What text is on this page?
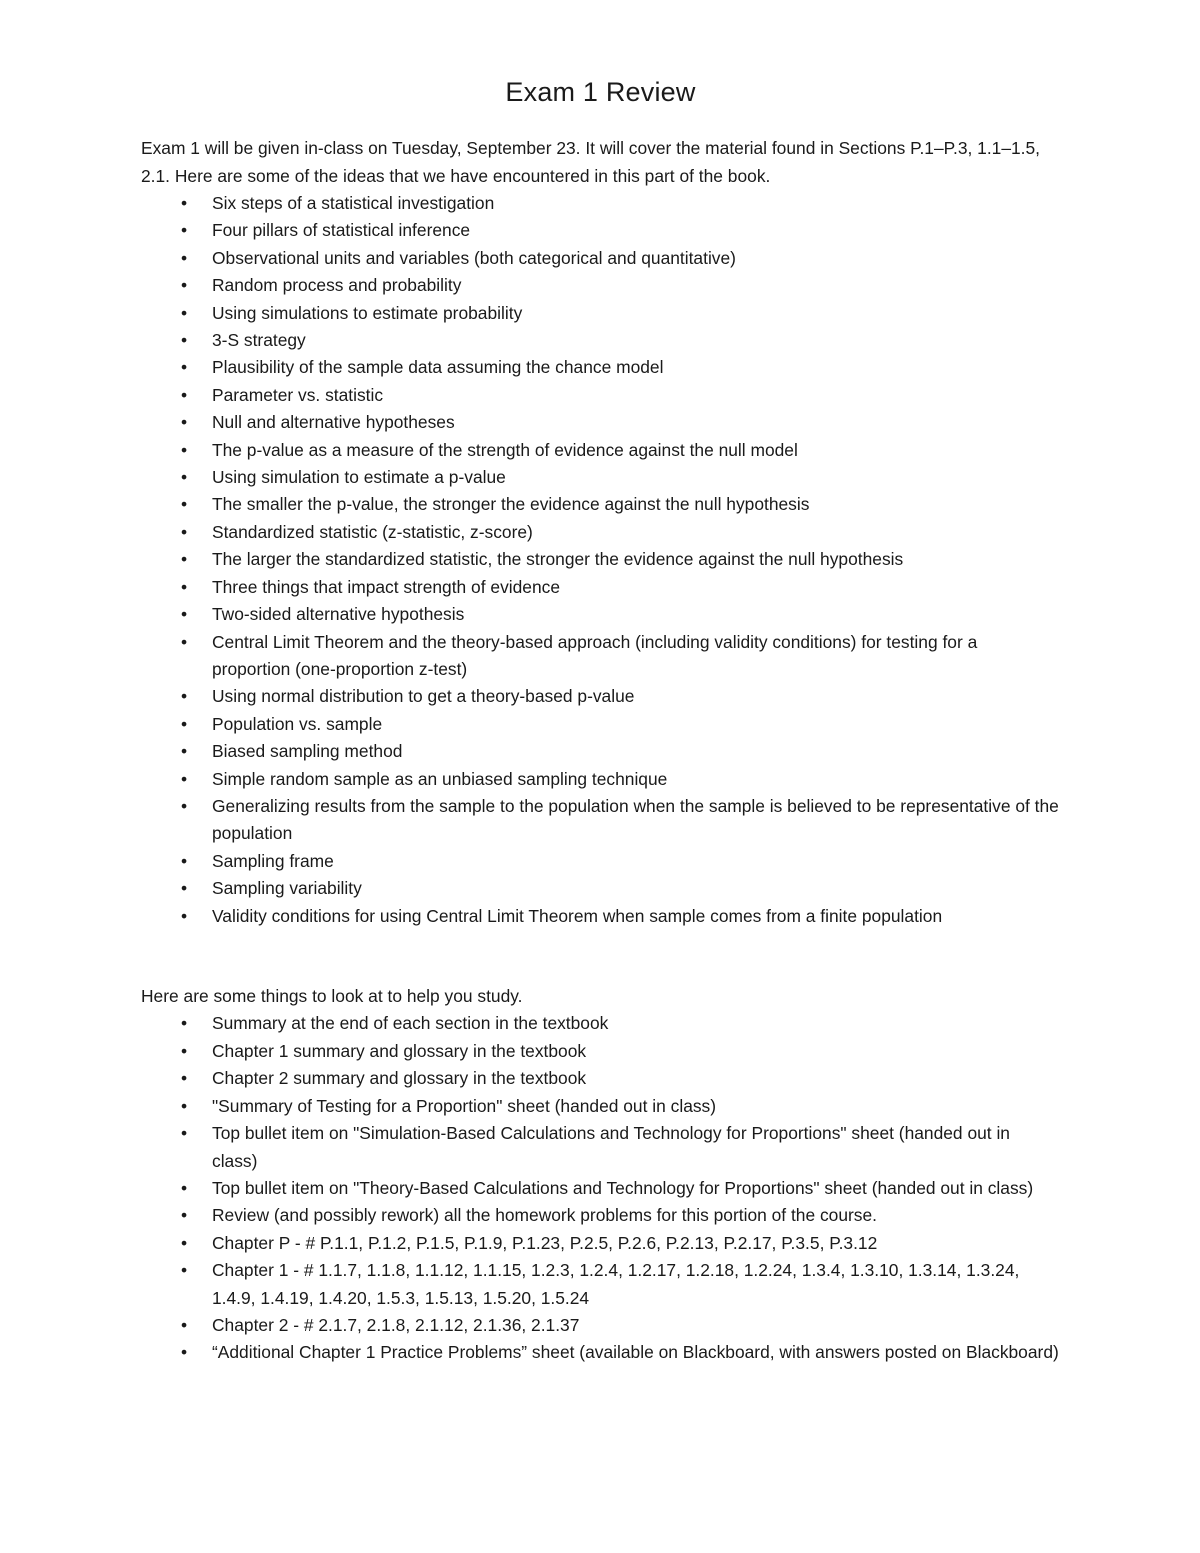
Exam 1 Review

Exam 1 will be given in-class on Tuesday, September 23. It will cover the material found in Sections P.1–P.3, 1.1–1.5, 2.1. Here are some of the ideas that we have encountered in this part of the book.

•	Six steps of a statistical investigation
•	Four pillars of statistical inference
•	Observational units and variables (both categorical and quantitative)
•	Random process and probability
•	Using simulations to estimate probability
•	3-S strategy
•	Plausibility of the sample data assuming the chance model
•	Parameter vs. statistic
•	Null and alternative hypotheses
•	The p-value as a measure of the strength of evidence against the null model
•	Using simulation to estimate a p-value
•	The smaller the p-value, the stronger the evidence against the null hypothesis
•	Standardized statistic (z-statistic, z-score)
•	The larger the standardized statistic, the stronger the evidence against the null hypothesis
•	Three things that impact strength of evidence
•	Two-sided alternative hypothesis
•	Central Limit Theorem and the theory-based approach (including validity conditions) for testing for a proportion (one-proportion z-test)
•	Using normal distribution to get a theory-based p-value
•	Population vs. sample
•	Biased sampling method
•	Simple random sample as an unbiased sampling technique
•	Generalizing results from the sample to the population when the sample is believed to be representative of the population
•	Sampling frame
•	Sampling variability
•	Validity conditions for using Central Limit Theorem when sample comes from a finite population

Here are some things to look at to help you study.

•	Summary at the end of each section in the textbook
•	Chapter 1 summary and glossary in the textbook
•	Chapter 2 summary and glossary in the textbook
•	"Summary of Testing for a Proportion" sheet (handed out in class)
•	Top bullet item on "Simulation-Based Calculations and Technology for Proportions" sheet (handed out in class)
•	Top bullet item on "Theory-Based Calculations and Technology for Proportions" sheet (handed out in class)
•	Review (and possibly rework) all the homework problems for this portion of the course.
•	Chapter P - # P.1.1, P.1.2, P.1.5, P.1.9, P.1.23, P.2.5, P.2.6, P.2.13, P.2.17, P.3.5, P.3.12
•	Chapter 1 - # 1.1.7, 1.1.8, 1.1.12, 1.1.15, 1.2.3, 1.2.4, 1.2.17, 1.2.18, 1.2.24, 1.3.4, 1.3.10, 1.3.14, 1.3.24, 1.4.9, 1.4.19, 1.4.20, 1.5.3, 1.5.13, 1.5.20, 1.5.24
•	Chapter 2 - # 2.1.7, 2.1.8, 2.1.12, 2.1.36, 2.1.37
•	“Additional Chapter 1 Practice Problems” sheet (available on Blackboard, with answers posted on Blackboard)
